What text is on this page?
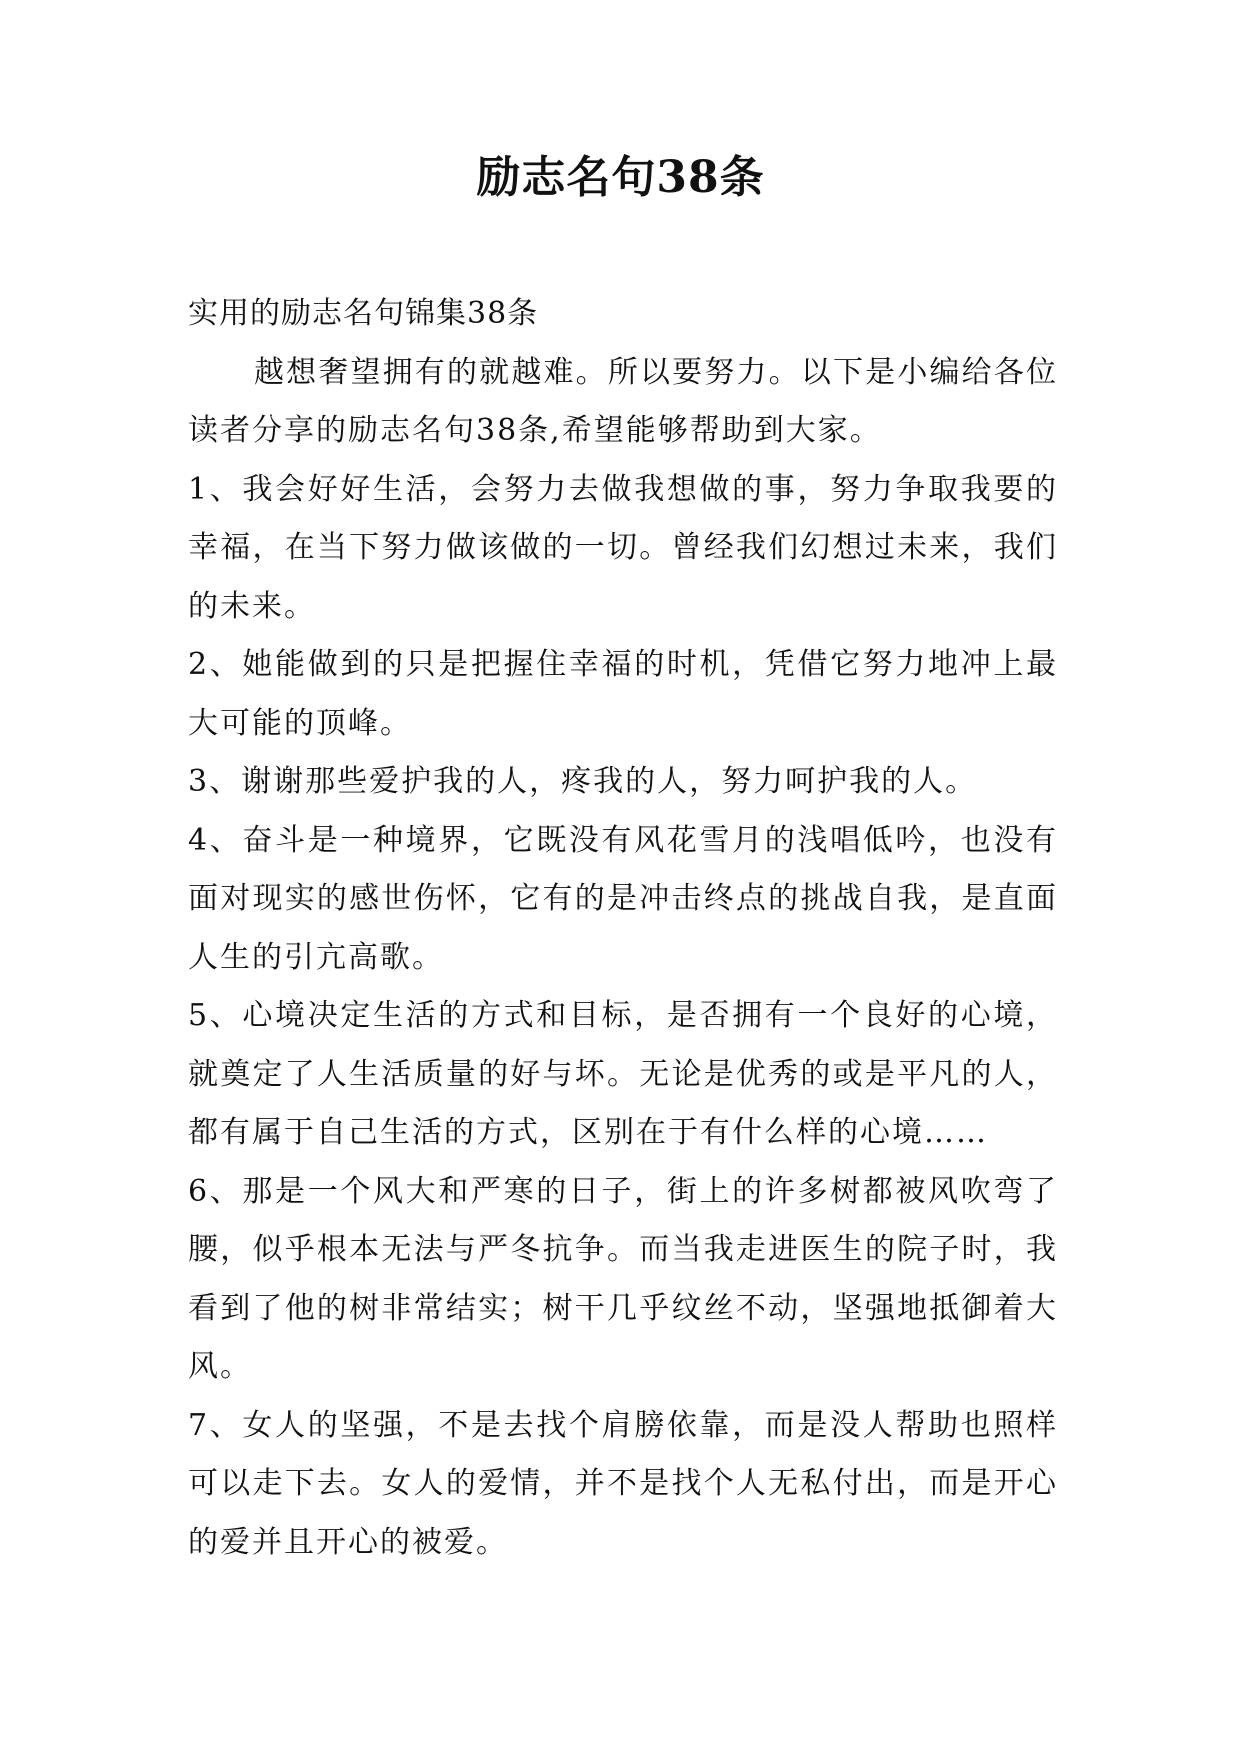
励志名句38条

实用的励志名句锦集38条

越想奢望拥有的就越难。所以要努力。以下是小编给各位读者分享的励志名句38条,希望能够帮助到大家。

1、我会好好生活，会努力去做我想做的事，努力争取我要的幸福，在当下努力做该做的一切。曾经我们幻想过未来，我们的未来。

2、她能做到的只是把握住幸福的时机，凭借它努力地冲上最大可能的顶峰。

3、谢谢那些爱护我的人，疼我的人，努力呵护我的人。

4、奋斗是一种境界，它既没有风花雪月的浅唱低吟，也没有面对现实的感世伤怀，它有的是冲击终点的挑战自我，是直面人生的引亢高歌。

5、心境决定生活的方式和目标，是否拥有一个良好的心境，就奠定了人生活质量的好与坏。无论是优秀的或是平凡的人，都有属于自己生活的方式，区别在于有什么样的心境……

6、那是一个风大和严寒的日子，街上的许多树都被风吹弯了腰，似乎根本无法与严冬抗争。而当我走进医生的院子时，我看到了他的树非常结实；树干几乎纹丝不动，坚强地抵御着大风。

7、女人的坚强，不是去找个肩膀依靠，而是没人帮助也照样可以走下去。女人的爱情，并不是找个人无私付出，而是开心的爱并且开心的被爱。
